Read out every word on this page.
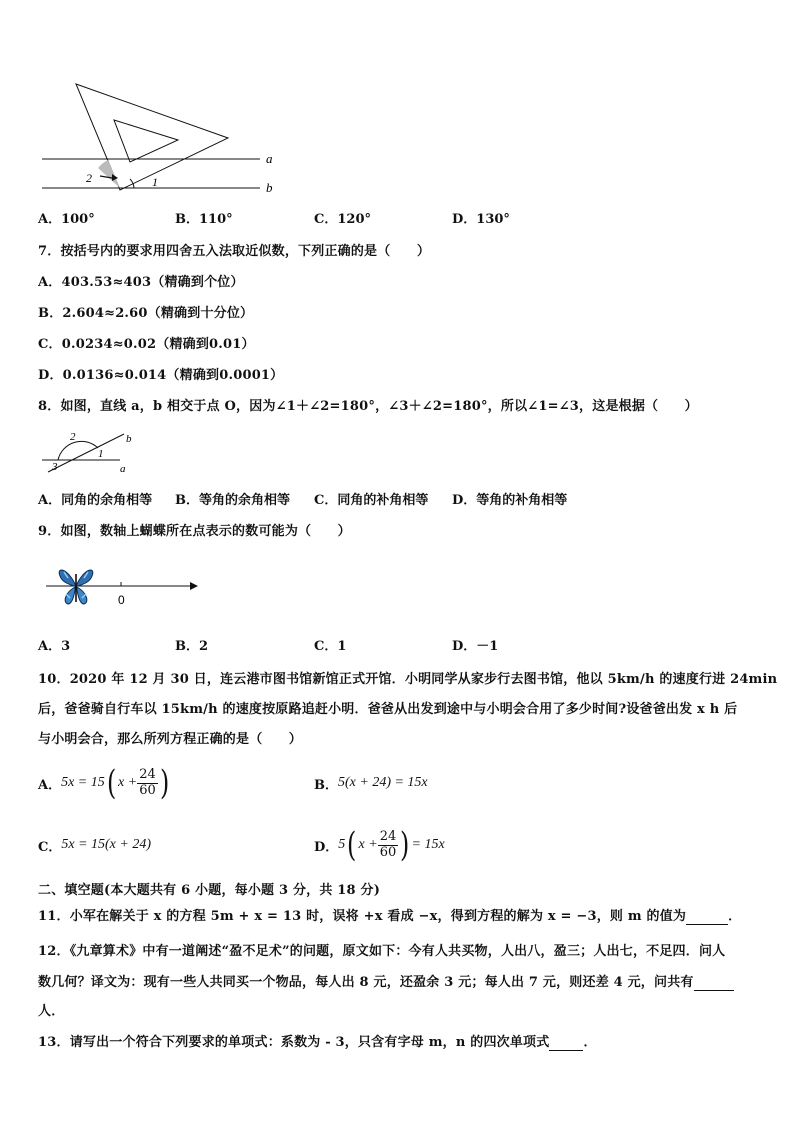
a
b
1
2
A．100°	B．110°	C．120°	D．130°
7．按括号内的要求用四舍五入法取近似数，下列正确的是（　　）
A．403.53≈403（精确到个位）
B．2.604≈2.60（精确到十分位）
C．0.0234≈0.02（精确到0.01）
D．0.0136≈0.014（精确到0.0001）
8．如图，直线 a，b 相交于点 O，因为∠1＋∠2=180°，∠3＋∠2=180°，所以∠1=∠3，这是根据（　　）
2
1
3
b
a
A．同角的余角相等 B．等角的余角相等 C．同角的补角相等 D．等角的补角相等
9．如图，数轴上蝴蝶所在点表示的数可能为（　　）
0
A．3	B．2	C．1	D．－1
10．2020 年 12 月 30 日，连云港市图书馆新馆正式开馆．小明同学从家步行去图书馆，他以 5km/h 的速度行进 24min
后，爸爸骑自行车以 15km/h 的速度按原路追赶小明．爸爸从出发到途中与小明会合用了多少时间?设爸爸出发 x h 后
与小明会合，那么所列方程正确的是（　　）
A． 5x = 15 ( $x + \frac{24}{60}$ )	B． 5(x + 24) = 15x
C． 5x = 15(x + 24)	D． 5 ( $x + \frac{24}{60}$ ) = 15x
二、填空题(本大题共有 6 小题，每小题 3 分，共 18 分)
11．小军在解关于 x 的方程 5m + x = 13 时，误将 +x 看成 −x，得到方程的解为 x = −3，则 m 的值为	．
12．《九章算术》中有一道阐述“盈不足术”的问题，原文如下：今有人共买物，人出八，盈三；人出七，不足四．问人
数几何？译文为：现有一些人共同买一个物品，每人出 8 元，还盈余 3 元；每人出 7 元，则还差 4 元，问共有
人．
13．请写出一个符合下列要求的单项式：系数为 - 3，只含有字母 m，n 的四次单项式	．
